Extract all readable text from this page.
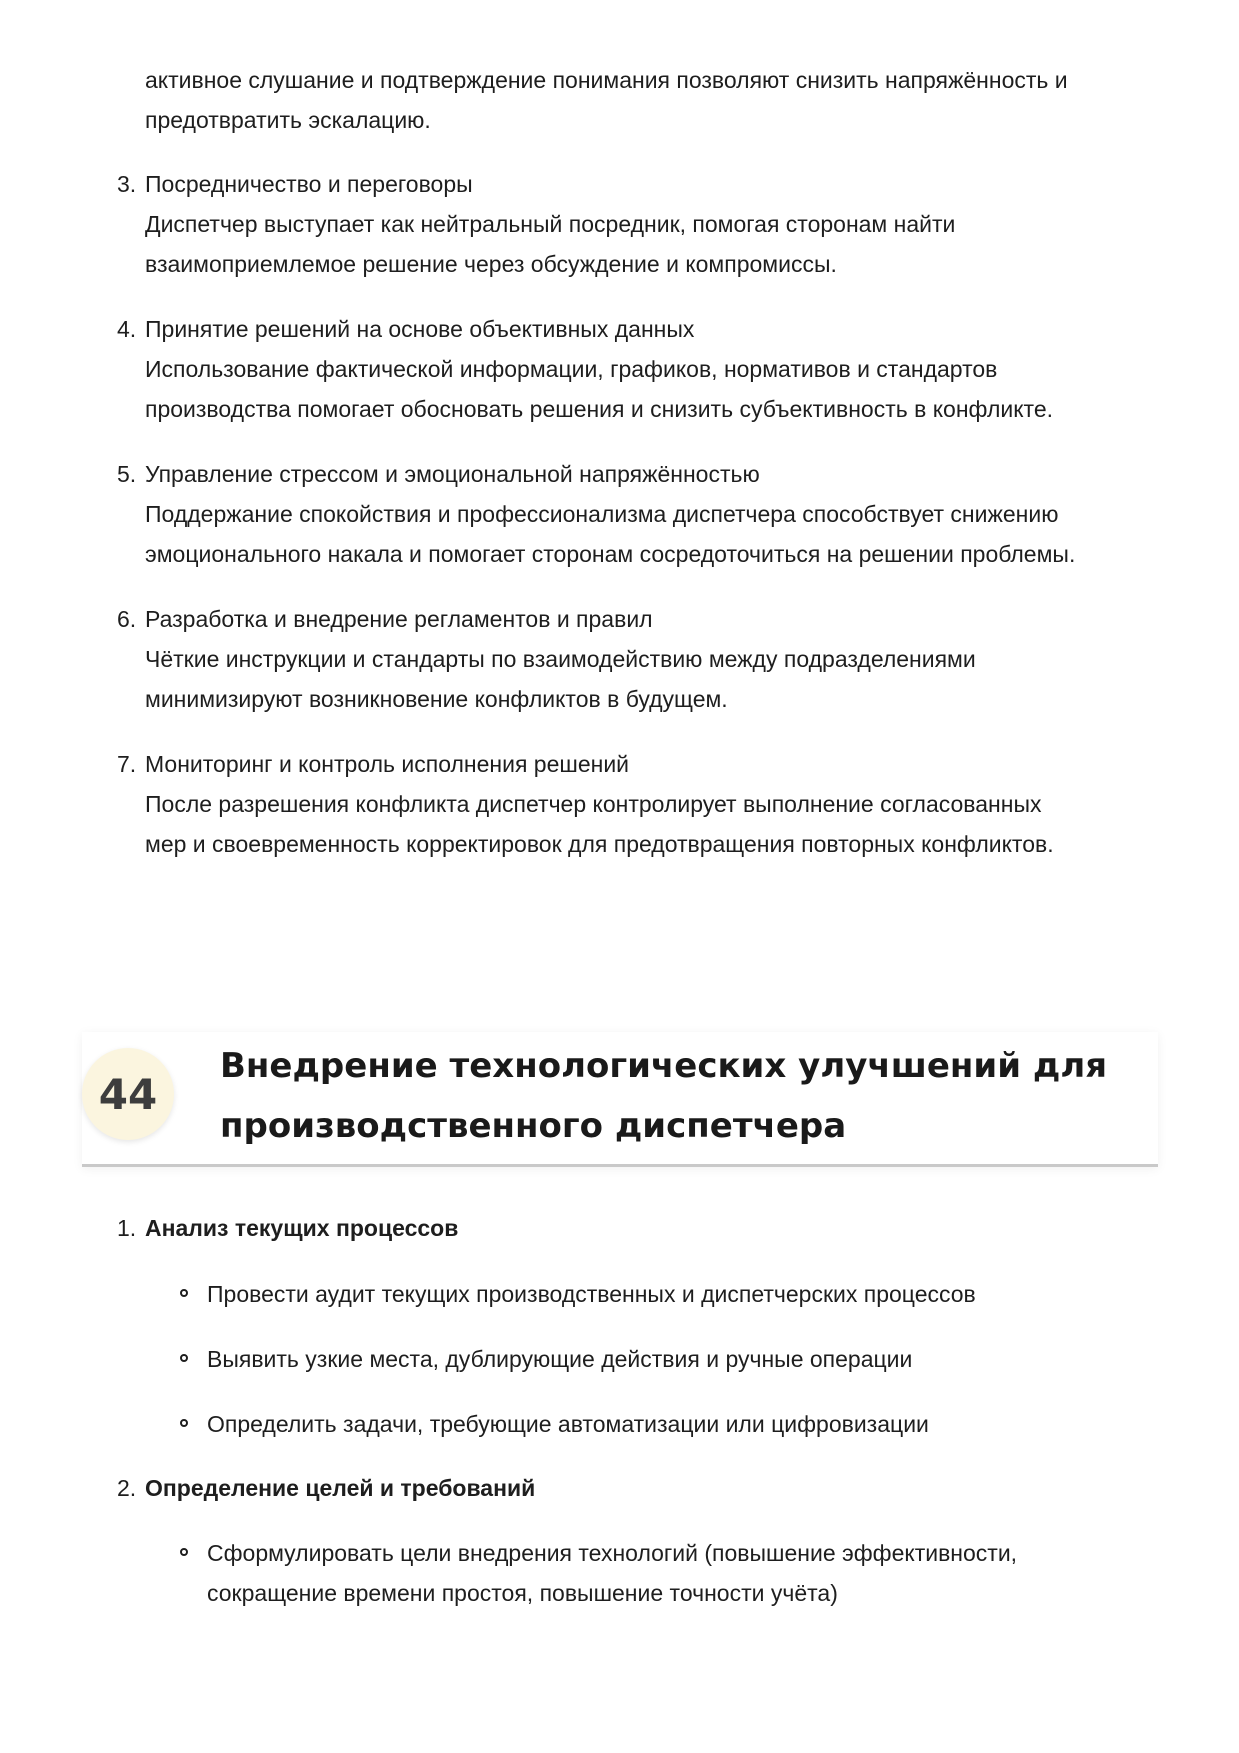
активное слушание и подтверждение понимания позволяют снизить напряжённость и
предотвратить эскалацию.
3. Посредничество и переговоры
Диспетчер выступает как нейтральный посредник, помогая сторонам найти
взаимоприемлемое решение через обсуждение и компромиссы.
4. Принятие решений на основе объективных данных
Использование фактической информации, графиков, нормативов и стандартов
производства помогает обосновать решения и снизить субъективность в конфликте.
5. Управление стрессом и эмоциональной напряжённостью
Поддержание спокойствия и профессионализма диспетчера способствует снижению
эмоционального накала и помогает сторонам сосредоточиться на решении проблемы.
6. Разработка и внедрение регламентов и правил
Чёткие инструкции и стандарты по взаимодействию между подразделениями
минимизируют возникновение конфликтов в будущем.
7. Мониторинг и контроль исполнения решений
После разрешения конфликта диспетчер контролирует выполнение согласованных
мер и своевременность корректировок для предотвращения повторных конфликтов.
44
Внедрение технологических улучшений для
производственного диспетчера
1. Анализ текущих процессов
Провести аудит текущих производственных и диспетчерских процессов
Выявить узкие места, дублирующие действия и ручные операции
Определить задачи, требующие автоматизации или цифровизации
2. Определение целей и требований
Сформулировать цели внедрения технологий (повышение эффективности,
сокращение времени простоя, повышение точности учёта)
